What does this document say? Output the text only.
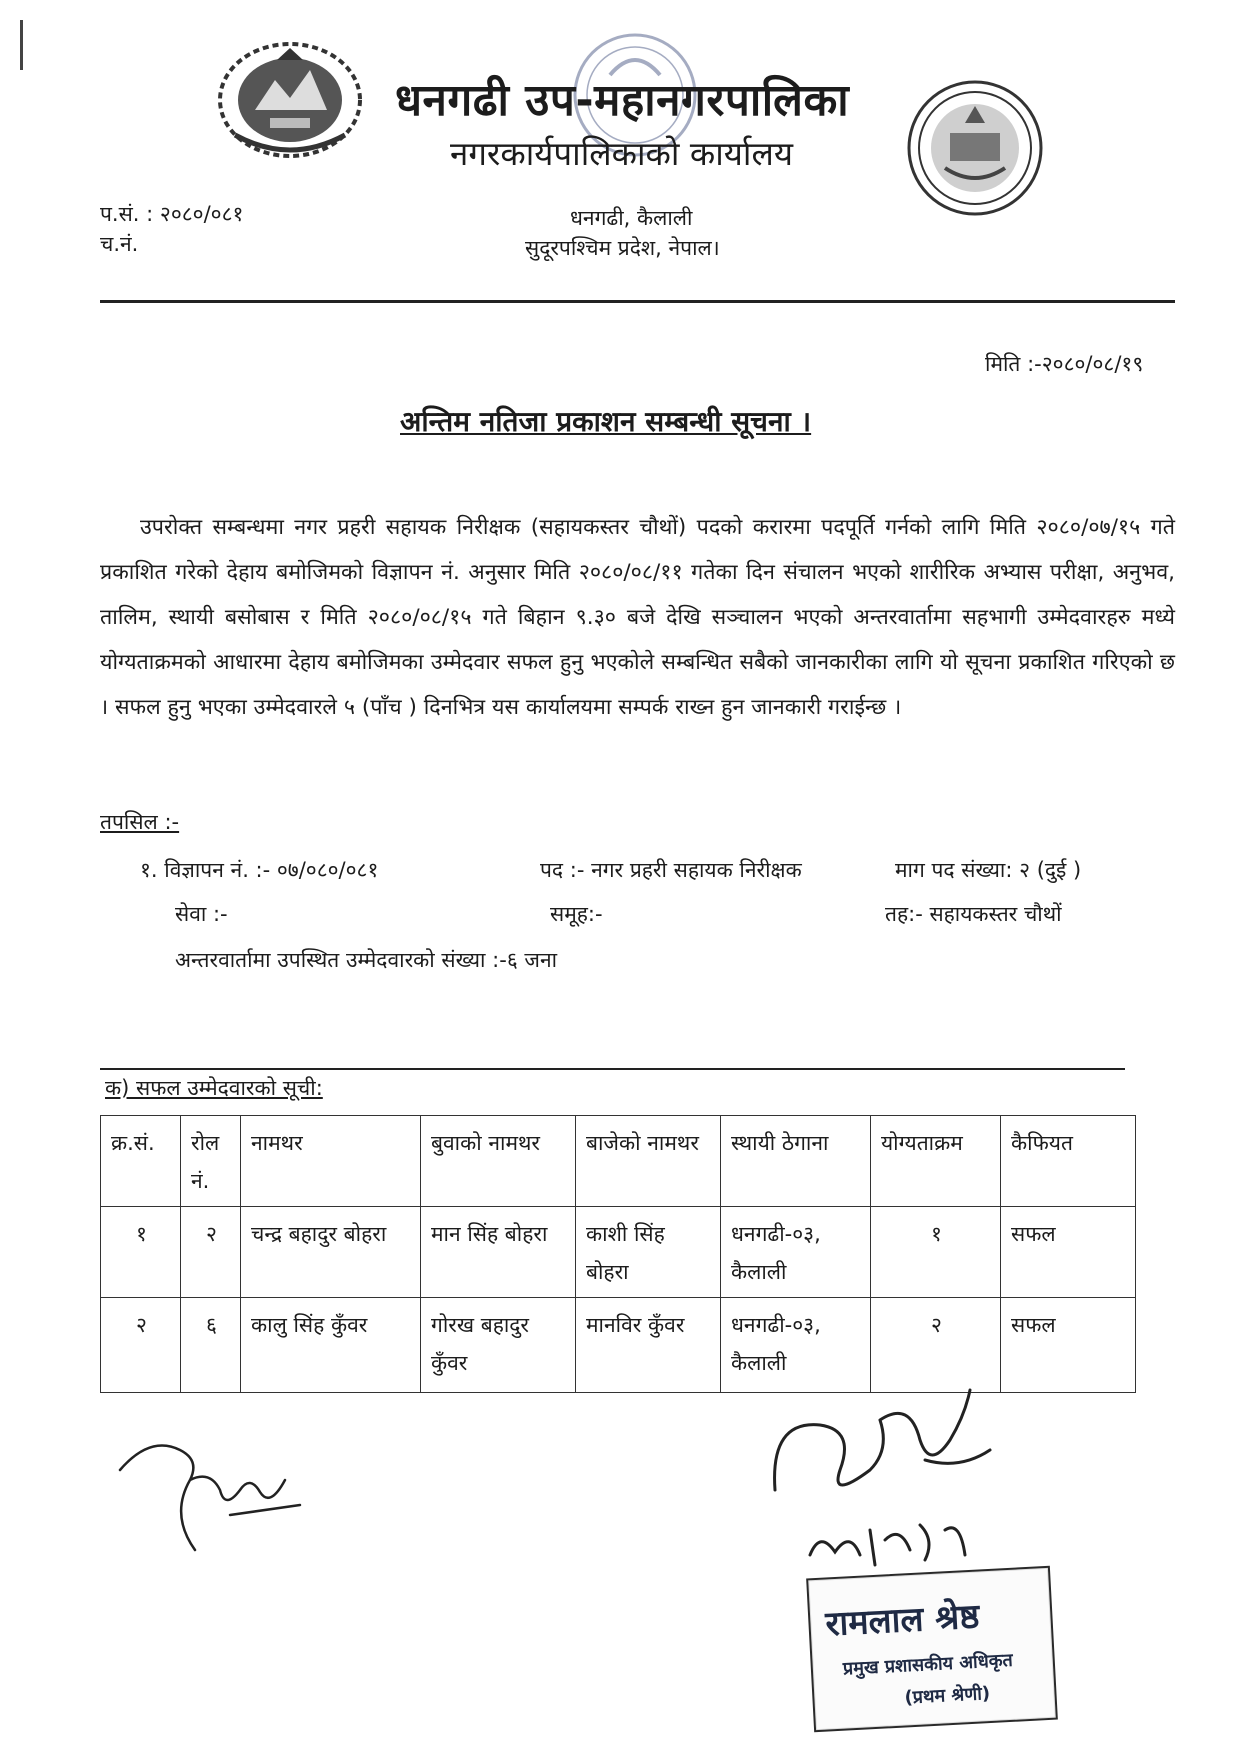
धनगढी उप-महानगरपालिका
नगरकार्यपालिकाको कार्यालय
धनगढी, कैलाली
सुदूरपश्चिम प्रदेश, नेपाल।
प.सं. : २०८०/०८१
च.नं.
मिति :-२०८०/०८/१९
अन्तिम नतिजा प्रकाशन सम्बन्धी सूचना ।
उपरोक्त सम्बन्धमा नगर प्रहरी सहायक निरीक्षक (सहायकस्तर चौथों) पदको करारमा पदपूर्ति गर्नको लागि मिति २०८०/०७/१५ गते प्रकाशित गरेको देहाय बमोजिमको विज्ञापन नं. अनुसार मिति २०८०/०८/११ गतेका दिन संचालन भएको शारीरिक अभ्यास परीक्षा, अनुभव, तालिम, स्थायी बसोबास र मिति २०८०/०८/१५ गते बिहान ९.३० बजे देखि सञ्चालन भएको अन्तरवार्तामा सहभागी उम्मेदवारहरु मध्ये योग्यताक्रमको आधारमा देहाय बमोजिमका उम्मेदवार सफल हुनु भएकोले सम्बन्धित सबैको जानकारीका लागि यो सूचना प्रकाशित गरिएको छ । सफल हुनु भएका उम्मेदवारले ५ (पाँच ) दिनभित्र यस कार्यालयमा सम्पर्क राख्न हुन जानकारी गराईन्छ ।
तपसिल :-
१. विज्ञापन नं. :- ०७/०८०/०८१	पद :- नगर प्रहरी सहायक निरीक्षक	माग पद संख्या: २ (दुई )
सेवा :-	समूह:-	तह:- सहायकस्तर चौथों
अन्तरवार्तामा उपस्थित उम्मेदवारको संख्या :-६ जना
क) सफल उम्मेदवारको सूची:
क्र.सं.	रोल नं.	नामथर	बुवाको नामथर	बाजेको नामथर	स्थायी ठेगाना	योग्यताक्रम	कैफियत
१	२	चन्द्र बहादुर बोहरा	मान सिंह बोहरा	काशी सिंह बोहरा	धनगढी-०३, कैलाली	१	सफल
२	६	कालु सिंह कुँवर	गोरख बहादुर कुँवर	मानविर कुँवर	धनगढी-०३, कैलाली	२	सफल
रामलाल श्रेष्ठ
प्रमुख प्रशासकीय अधिकृत
(प्रथम श्रेणी)
